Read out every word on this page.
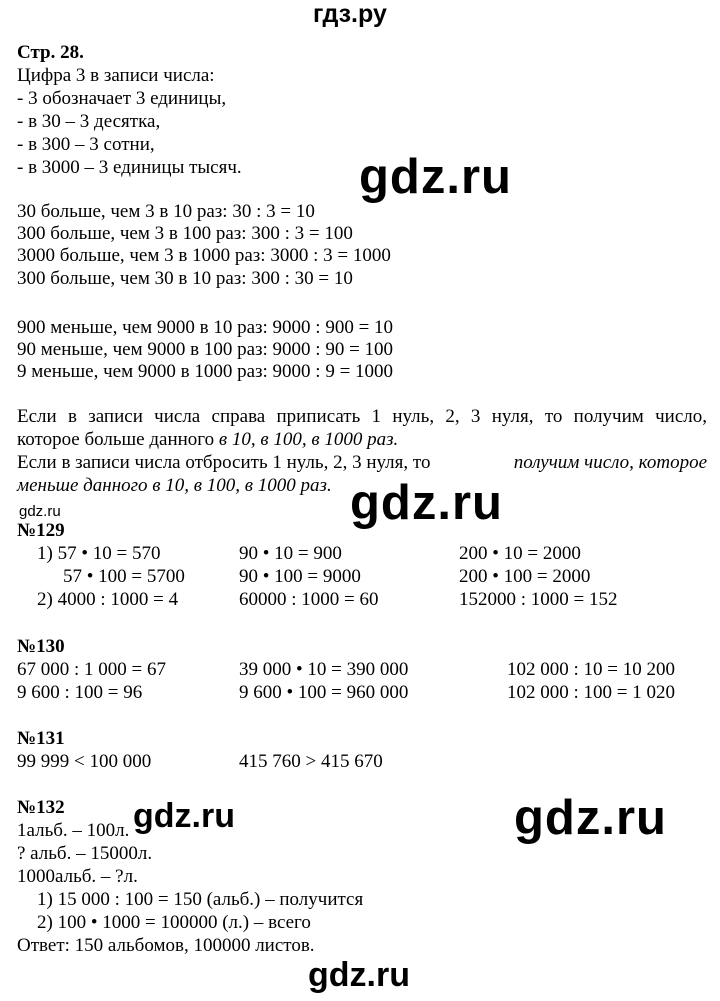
гдз.ру
Стр. 28.
Цифра 3 в записи числа:
- 3 обозначает 3 единицы,
- в 30 – 3 десятка,
- в 300 – 3 сотни,
- в 3000 – 3 единицы тысяч. gdz.ru
30 больше, чем 3 в 10 раз: 30 : 3 = 10
300 больше, чем 3 в 100 раз: 300 : 3 = 100
3000 больше, чем 3 в 1000 раз: 3000 : 3 = 1000
300 больше, чем 30 в 10 раз: 300 : 30 = 10
900 меньше, чем 9000 в 10 раз: 9000 : 900 = 10
90 меньше, чем 9000 в 100 раз: 9000 : 90 = 100
9 меньше, чем 9000 в 1000 раз: 9000 : 9 = 1000
Если в записи числа справа приписать 1 нуль, 2, 3 нуля, то получим число,
которое больше данного в 10, в 100, в 1000 раз.
Если в записи числа отбросить 1 нуль, 2, 3 нуля, то	получим число, которое
меньше данного в 10, в 100, в 1000 раз. gdz.ru
gdz.ru
№129
1) 57 • 10 = 570	90 • 10 = 900	200 • 10 = 2000
57 • 100 = 5700	90 • 100 = 9000	200 • 100 = 2000
2) 4000 : 1000 = 4	60000 : 1000 = 60	152000 : 1000 = 152
№130
67 000 : 1 000 = 67	39 000 • 10 = 390 000	102 000 : 10 = 10 200
9 600 : 100 = 96	9 600 • 100 = 960 000	102 000 : 100 = 1 020
№131
99 999 < 100 000	415 760 > 415 670
№132
1альб. – 100л.
? альб. – 15000л.
1000альб. – ?л.
1) 15 000 : 100 = 150 (альб.) – получится
2) 100 • 1000 = 100000 (л.) – всего
Ответ: 150 альбомов, 100000 листов.
gdz.ru	gdz.ru
gdz.ru
